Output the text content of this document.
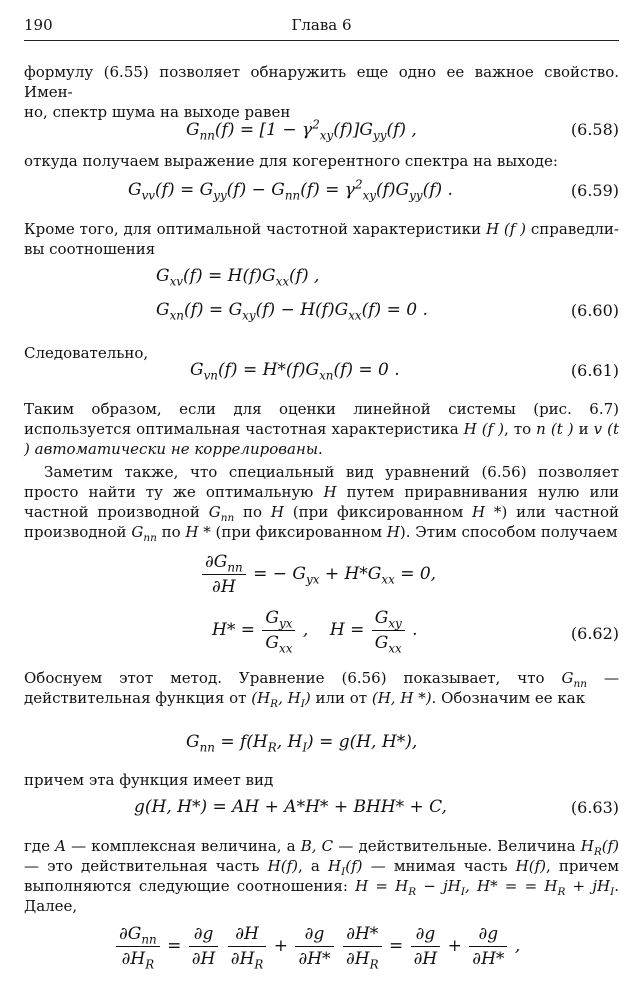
190	Глава 6
формулу (6.55) позволяет обнаружить еще одно ее важное свойство. Имен-
но, спектр шума на выходе равен
$G_{nn}(f) = [1 - \gamma^2_{xy}(f)]G_{yy}(f)$ ,	(6.58)
откуда получаем выражение для когерентного спектра на выходе:
$G_{vv}(f) = G_{yy}(f) - G_{nn}(f) = \gamma^2_{xy}(f)G_{yy}(f)$ .	(6.59)
Кроме того, для оптимальной частотной характеристики H (f ) справедли-вы соотношения
$G_{xv}(f) = H(f)G_{xx}(f)$ ,
$G_{xn}(f) = G_{xy}(f) - H(f)G_{xx}(f) = 0$ .	(6.60)
Следовательно,
$G_{vn}(f) = H*(f)G_{xn}(f) = 0$ .	(6.61)
Таким образом, если для оценки линейной системы (рис. 6.7) используется оптимальная частотная характеристика H (f ), то n (t ) и v (t ) автоматически не коррелированы.
Заметим также, что специальный вид уравнений (6.56) позволяет просто найти ту же оптимальную H путем приравнивания нулю или частной производной $G_{nn}$ по H (при фиксированном H *) или частной производной $G_{nn}$ по H * (при фиксированном H). Этим способом получаем
$\frac{\partial G_{nn}}{\partial H}$ = − $G_{yx} + H*G_{xx} = 0$,
$H* = \frac{G_{yx}}{G_{xx}}$ ,    $H = \frac{G_{xy}}{G_{xx}}$ .	(6.62)
Обоснуем этот метод. Уравнение (6.56) показывает, что $G_{nn}$ — действительная функция от ($H_R$, $H_I$) или от (H, H *). Обозначим ее как
$G_{nn} = f(H_R$, $H_I) = g(H$, H*),
причем эта функция имеет вид
g(H, H*) = AH + A*H* + BHH* + C,	(6.63)
где A — комплексная величина, а B, C — действительные. Величина $H_R(f)$ — это действительная часть H(f), а $H_I(f)$ — мнимая часть H(f), причем выполняются следующие соотношения: $H = H_R - jH_I$, H* = = $H_R + jH_I$. Далее,
$\frac{\partial G_{nn}}{\partial H_R} = \frac{\partial g}{\partial H}$
$\frac{\partial H}{\partial H_R} + \frac{\partial g}{\partial H*}$
$\frac{\partial H*}{\partial H_R} = \frac{\partial g}{\partial H} + \frac{\partial g}{\partial H*}$ ,
